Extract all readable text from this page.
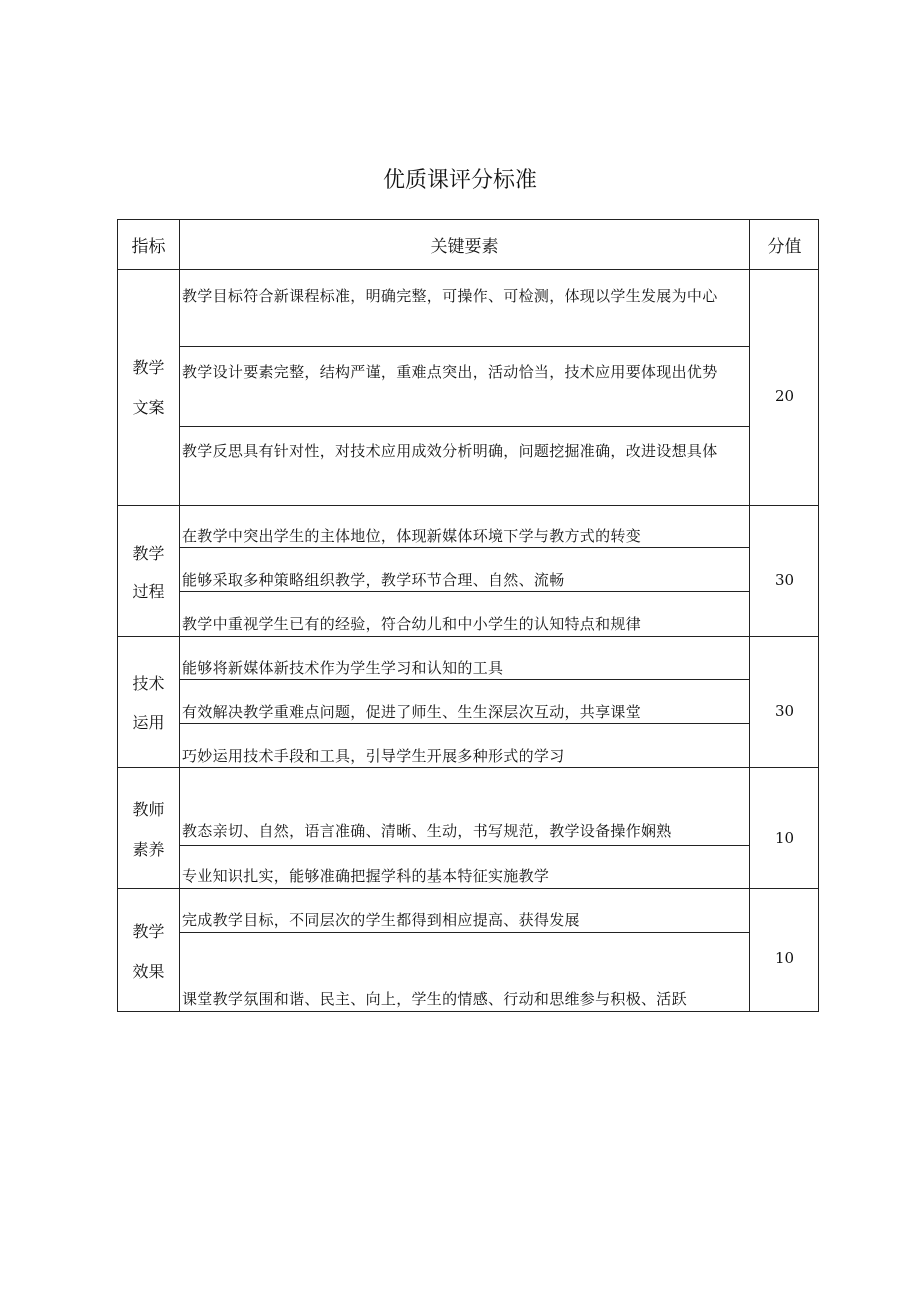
优质课评分标准
指标	关键要素	分值
教学
文案
20
教学目标符合新课程标准，明确完整，可操作、可检测，体现以学生发展为中心
教学设计要素完整，结构严谨，重难点突出，活动恰当，技术应用要体现出优势
教学反思具有针对性，对技术应用成效分析明确，问题挖掘准确，改进设想具体
教学
过程
30
在教学中突出学生的主体地位，体现新媒体环境下学与教方式的转变
能够采取多种策略组织教学，教学环节合理、自然、流畅
教学中重视学生已有的经验，符合幼儿和中小学生的认知特点和规律
技术
运用
30
能够将新媒体新技术作为学生学习和认知的工具
有效解决教学重难点问题，促进了师生、生生深层次互动，共享课堂
巧妙运用技术手段和工具，引导学生开展多种形式的学习
教师
素养
10
教态亲切、自然，语言准确、清晰、生动，书写规范，教学设备操作娴熟
专业知识扎实，能够准确把握学科的基本特征实施教学
教学
效果
10
完成教学目标，不同层次的学生都得到相应提高、获得发展
课堂教学氛围和谐、民主、向上，学生的情感、行动和思维参与积极、活跃
